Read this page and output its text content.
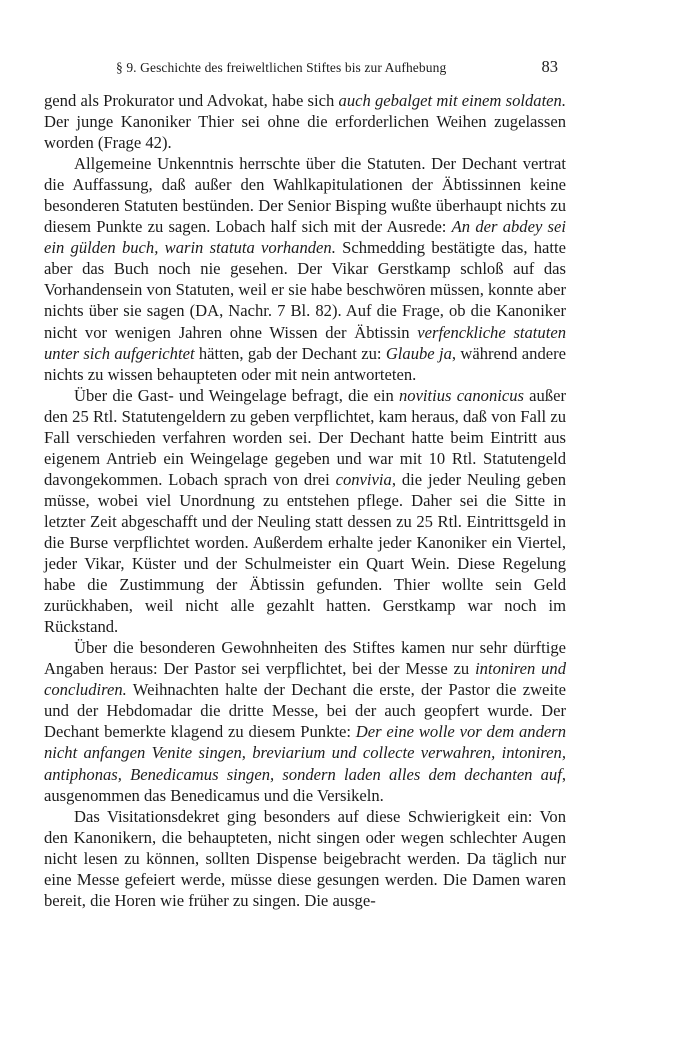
§ 9. Geschichte des freiweltlichen Stiftes bis zur Aufhebung	83

gend als Prokurator und Advokat, habe sich auch gebalget mit einem soldaten. Der junge Kanoniker Thier sei ohne die erforderlichen Weihen zugelassen worden (Frage 42).

Allgemeine Unkenntnis herrschte über die Statuten. Der Dechant vertrat die Auffassung, daß außer den Wahlkapitulationen der Äbtissinnen keine besonderen Statuten bestünden. Der Senior Bisping wußte überhaupt nichts zu diesem Punkte zu sagen. Lobach half sich mit der Ausrede: An der abdey sei ein gülden buch, warin statuta vorhanden. Schmedding bestätigte das, hatte aber das Buch noch nie gesehen. Der Vikar Gerstkamp schloß auf das Vorhandensein von Statuten, weil er sie habe beschwören müssen, konnte aber nichts über sie sagen (DA, Nachr. 7 Bl. 82). Auf die Frage, ob die Kanoniker nicht vor wenigen Jahren ohne Wissen der Äbtissin verfenckliche statuten unter sich aufgerichtet hätten, gab der Dechant zu: Glaube ja, während andere nichts zu wissen behaupteten oder mit nein antworteten.

Über die Gast- und Weingelage befragt, die ein novitius canonicus außer den 25 Rtl. Statutengeldern zu geben verpflichtet, kam heraus, daß von Fall zu Fall verschieden verfahren worden sei. Der Dechant hatte beim Eintritt aus eigenem Antrieb ein Weingelage gegeben und war mit 10 Rtl. Statutengeld davongekommen. Lobach sprach von drei convivia, die jeder Neuling geben müsse, wobei viel Unordnung zu entstehen pflege. Daher sei die Sitte in letzter Zeit abgeschafft und der Neuling statt dessen zu 25 Rtl. Eintrittsgeld in die Burse verpflichtet worden. Außerdem erhalte jeder Kanoniker ein Viertel, jeder Vikar, Küster und der Schulmeister ein Quart Wein. Diese Regelung habe die Zustimmung der Äbtissin gefunden. Thier wollte sein Geld zurückhaben, weil nicht alle gezahlt hatten. Gerstkamp war noch im Rückstand.

Über die besonderen Gewohnheiten des Stiftes kamen nur sehr dürftige Angaben heraus: Der Pastor sei verpflichtet, bei der Messe zu intoniren und concludiren. Weihnachten halte der Dechant die erste, der Pastor die zweite und der Hebdomadar die dritte Messe, bei der auch geopfert wurde. Der Dechant bemerkte klagend zu diesem Punkte: Der eine wolle vor dem andern nicht anfangen Venite singen, breviarium und collecte verwahren, intoniren, antiphonas, Benedicamus singen, sondern laden alles dem dechanten auf, ausgenommen das Benedicamus und die Versikeln.

Das Visitationsdekret ging besonders auf diese Schwierigkeit ein: Von den Kanonikern, die behaupteten, nicht singen oder wegen schlechter Augen nicht lesen zu können, sollten Dispense beigebracht werden. Da täglich nur eine Messe gefeiert werde, müsse diese gesungen werden. Die Damen waren bereit, die Horen wie früher zu singen. Die ausge-
